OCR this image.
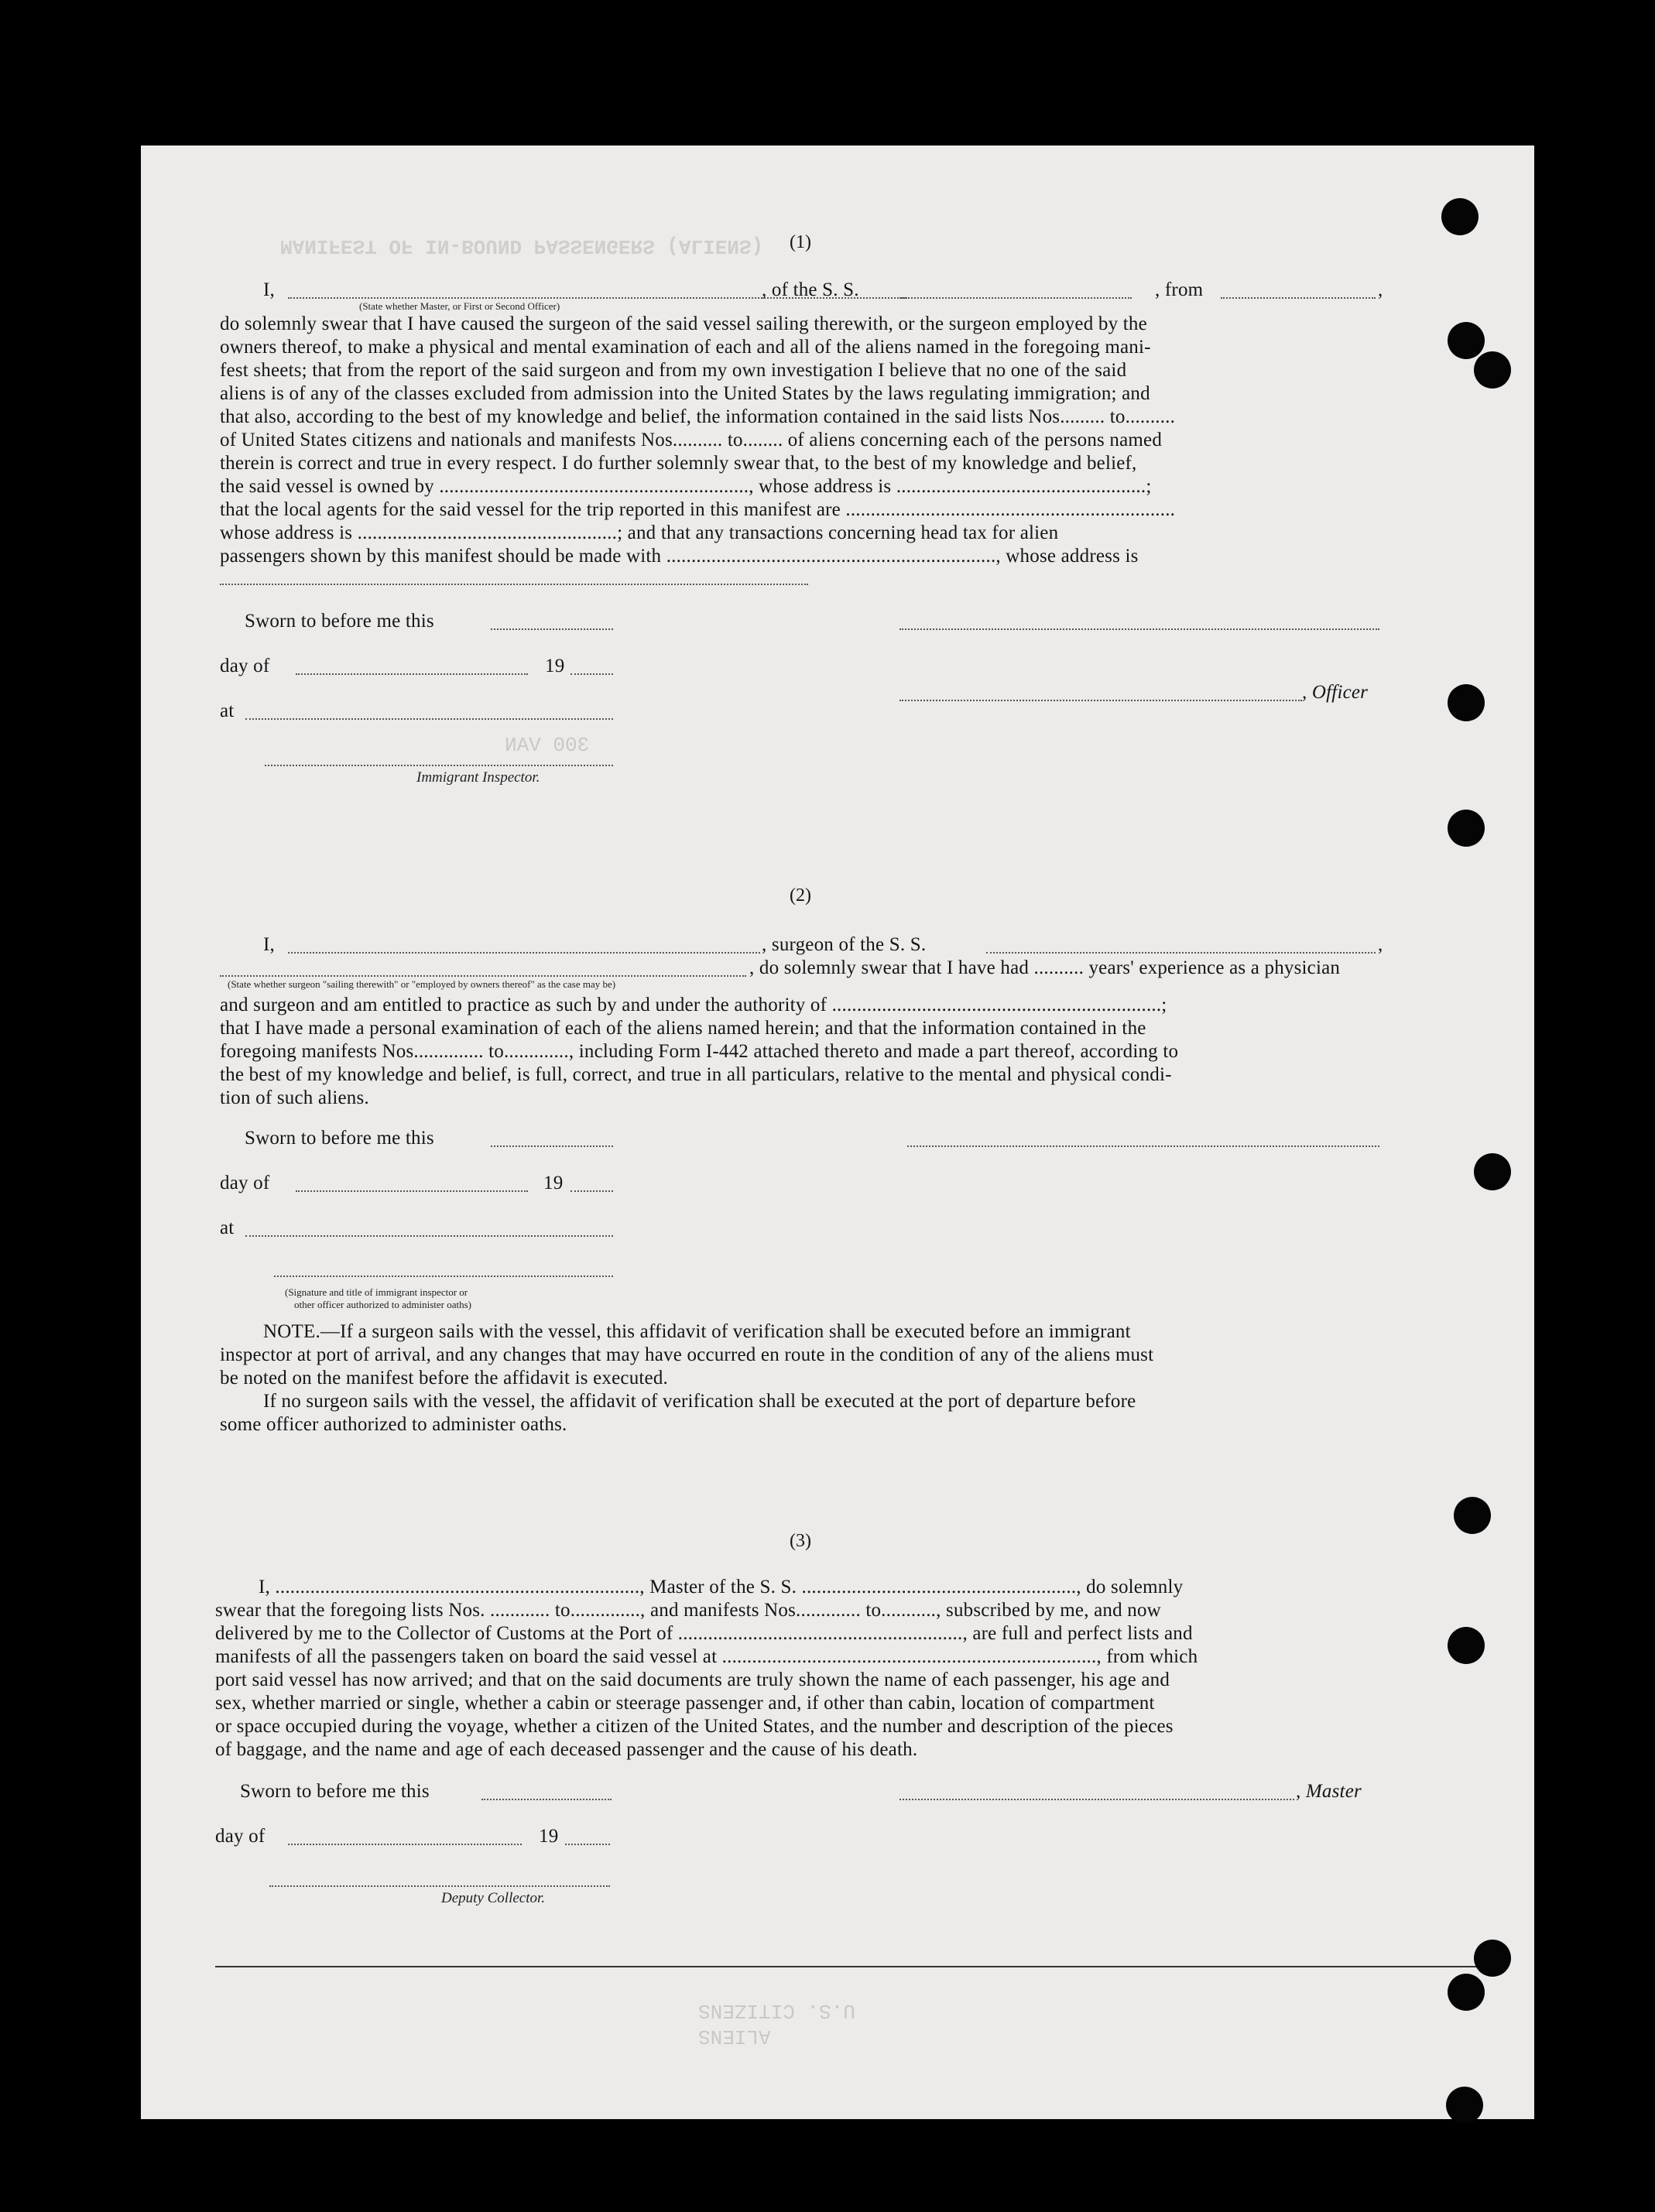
MANIFEST OF IN-BOUND PASSENGERS (ALIENS)
300 VAN
U.S. CITIZENS
ALIENS
(1)
I,	, of the S. S.	, from	,
(State whether Master, or First or Second Officer)
do solemnly swear that I have caused the surgeon of the said vessel sailing therewith, or the surgeon employed by the
owners thereof, to make a physical and mental examination of each and all of the aliens named in the foregoing mani-
fest sheets; that from the report of the said surgeon and from my own investigation I believe that no one of the said
aliens is of any of the classes excluded from admission into the United States by the laws regulating immigration; and
that also, according to the best of my knowledge and belief, the information contained in the said lists Nos......... to..........
of United States citizens and nationals and manifests Nos.......... to........ of aliens concerning each of the persons named
therein is correct and true in every respect. I do further solemnly swear that, to the best of my knowledge and belief,
the said vessel is owned by .............................................................., whose address is ..................................................;
that the local agents for the said vessel for the trip reported in this manifest are ..................................................................
whose address is ....................................................; and that any transactions concerning head tax for alien
passengers shown by this manifest should be made with .................................................................., whose address is
Sworn to before me this
day of	19
, Officer
at
Immigrant Inspector.
(2)
I,	, surgeon of the S. S.	,
, do solemnly swear that I have had .......... years' experience as a physician
(State whether surgeon "sailing therewith" or "employed by owners thereof" as the case may be)
and surgeon and am entitled to practice as such by and under the authority of ..................................................................;
that I have made a personal examination of each of the aliens named herein; and that the information contained in the
foregoing manifests Nos.............. to............., including Form I-442 attached thereto and made a part thereof, according to
the best of my knowledge and belief, is full, correct, and true in all particulars, relative to the mental and physical condi-
tion of such aliens.
Sworn to before me this
day of	19
at
(Signature and title of immigrant inspector or
other officer authorized to administer oaths)
NOTE.—If a surgeon sails with the vessel, this affidavit of verification shall be executed before an immigrant
inspector at port of arrival, and any changes that may have occurred en route in the condition of any of the aliens must
be noted on the manifest before the affidavit is executed.
If no surgeon sails with the vessel, the affidavit of verification shall be executed at the port of departure before
some officer authorized to administer oaths.
(3)
I, ........................................................................., Master of the S. S. ......................................................., do solemnly
swear that the foregoing lists Nos. ............ to.............., and manifests Nos............. to..........., subscribed by me, and now
delivered by me to the Collector of Customs at the Port of ........................................................., are full and perfect lists and
manifests of all the passengers taken on board the said vessel at ..........................................................................., from which
port said vessel has now arrived; and that on the said documents are truly shown the name of each passenger, his age and
sex, whether married or single, whether a cabin or steerage passenger and, if other than cabin, location of compartment
or space occupied during the voyage, whether a citizen of the United States, and the number and description of the pieces
of baggage, and the name and age of each deceased passenger and the cause of his death.
Sworn to before me this	, Master
day of	19
Deputy Collector.
